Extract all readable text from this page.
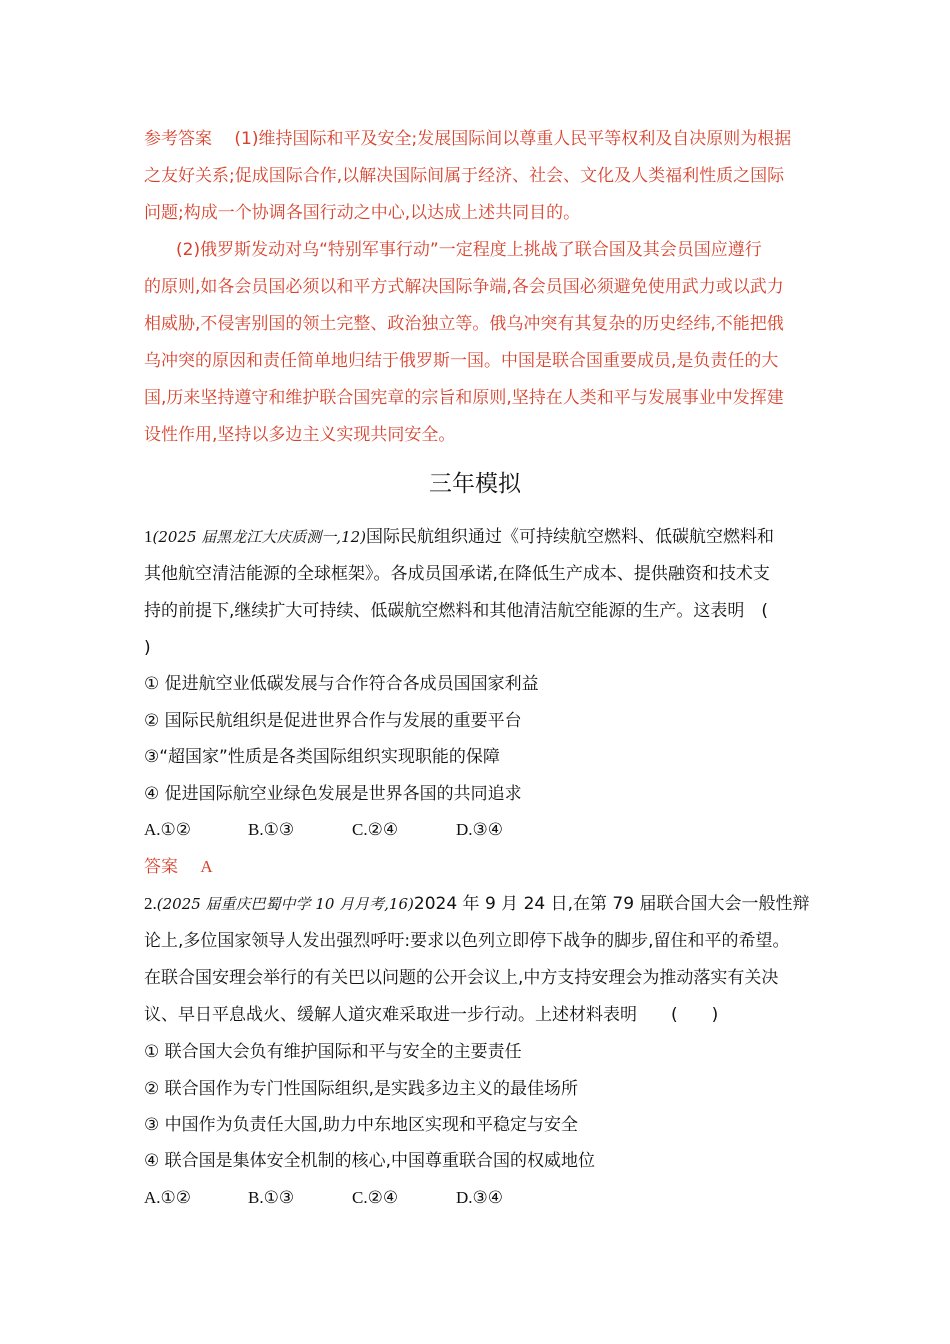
参考答案　 (1)维持国际和平及安全;发展国际间以尊重人民平等权利及自决原则为根据
之友好关系;促成国际合作,以解决国际间属于经济、社会、文化及人类福利性质之国际
问题;构成一个协调各国行动之中心,以达成上述共同目的。
(2)俄罗斯发动对乌“特别军事行动”一定程度上挑战了联合国及其会员国应遵行
的原则,如各会员国必须以和平方式解决国际争端,各会员国必须避免使用武力或以武力
相威胁,不侵害别国的领土完整、政治独立等。俄乌冲突有其复杂的历史经纬,不能把俄
乌冲突的原因和责任简单地归结于俄罗斯一国。中国是联合国重要成员,是负责任的大
国,历来坚持遵守和维护联合国宪章的宗旨和原则,坚持在人类和平与发展事业中发挥建
设性作用,坚持以多边主义实现共同安全。
三年模拟
1(2025 届黑龙江大庆质测一,12)国际民航组织通过《可持续航空燃料、低碳航空燃料和
其他航空清洁能源的全球框架》。各成员国承诺,在降低生产成本、提供融资和技术支
持的前提下,继续扩大可持续、低碳航空燃料和其他清洁航空能源的生产。这表明　(
)
① 促进航空业低碳发展与合作符合各成员国国家利益
② 国际民航组织是促进世界合作与发展的重要平台
③“超国家”性质是各类国际组织实现职能的保障
④ 促进国际航空业绿色发展是世界各国的共同追求
A.①②	B.①③	C.②④	D.③④
答案　 A
2.(2025 届重庆巴蜀中学 10 月月考,16)2024 年 9 月 24 日,在第 79 届联合国大会一般性辩
论上,多位国家领导人发出强烈呼吁:要求以色列立即停下战争的脚步,留住和平的希望。
在联合国安理会举行的有关巴以问题的公开会议上,中方支持安理会为推动落实有关决
议、早日平息战火、缓解人道灾难采取进一步行动。上述材料表明　　(　　)
① 联合国大会负有维护国际和平与安全的主要责任
② 联合国作为专门性国际组织,是实践多边主义的最佳场所
③ 中国作为负责任大国,助力中东地区实现和平稳定与安全
④ 联合国是集体安全机制的核心,中国尊重联合国的权威地位
A.①②	B.①③	C.②④	D.③④
